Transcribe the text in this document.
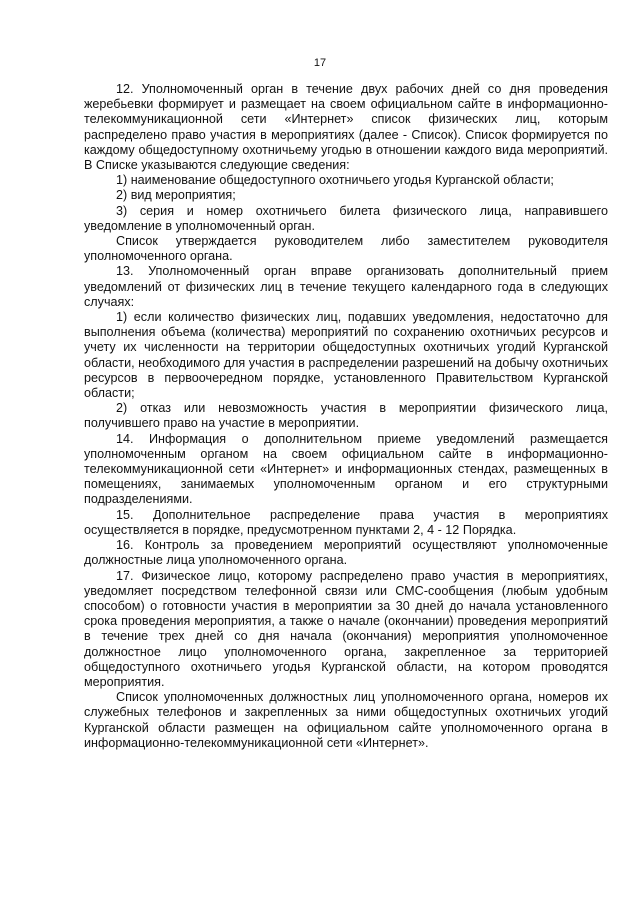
17

12. Уполномоченный орган в течение двух рабочих дней со дня проведения жеребьевки формирует и размещает на своем официальном сайте в информационно-телекоммуникационной сети «Интернет» список физических лиц, которым распределено право участия в мероприятиях (далее - Список). Список формируется по каждому общедоступному охотничьему угодью в отношении каждого вида мероприятий. В Списке указываются следующие сведения:

1) наименование общедоступного охотничьего угодья Курганской области;

2) вид мероприятия;

3) серия и номер охотничьего билета физического лица, направившего уведомление в уполномоченный орган.

Список утверждается руководителем либо заместителем руководителя уполномоченного органа.

13. Уполномоченный орган вправе организовать дополнительный прием уведомлений от физических лиц в течение текущего календарного года в следующих случаях:

1) если количество физических лиц, подавших уведомления, недостаточно для выполнения объема (количества) мероприятий по сохранению охотничьих ресурсов и учету их численности на территории общедоступных охотничьих угодий Курганской области, необходимого для участия в распределении разрешений на добычу охотничьих ресурсов в первоочередном порядке, установленного Правительством Курганской области;

2) отказ или невозможность участия в мероприятии физического лица, получившего право на участие в мероприятии.

14. Информация о дополнительном приеме уведомлений размещается уполномоченным органом на своем официальном сайте в информационно-телекоммуникационной сети «Интернет» и информационных стендах, размещенных в помещениях, занимаемых уполномоченным органом и его структурными подразделениями.

15. Дополнительное распределение права участия в мероприятиях осуществляется в порядке, предусмотренном пунктами 2, 4 - 12 Порядка.

16. Контроль за проведением мероприятий осуществляют уполномоченные должностные лица уполномоченного органа.

17. Физическое лицо, которому распределено право участия в мероприятиях, уведомляет посредством телефонной связи или СМС-сообщения (любым удобным способом) о готовности участия в мероприятии за 30 дней до начала установленного срока проведения мероприятия, а также о начале (окончании) проведения мероприятий в течение трех дней со дня начала (окончания) мероприятия уполномоченное должностное лицо уполномоченного органа, закрепленное за территорией общедоступного охотничьего угодья Курганской области, на котором проводятся мероприятия.

Список уполномоченных должностных лиц уполномоченного органа, номеров их служебных телефонов и закрепленных за ними общедоступных охотничьих угодий Курганской области размещен на официальном сайте уполномоченного органа в информационно-телекоммуникационной сети «Интернет».
